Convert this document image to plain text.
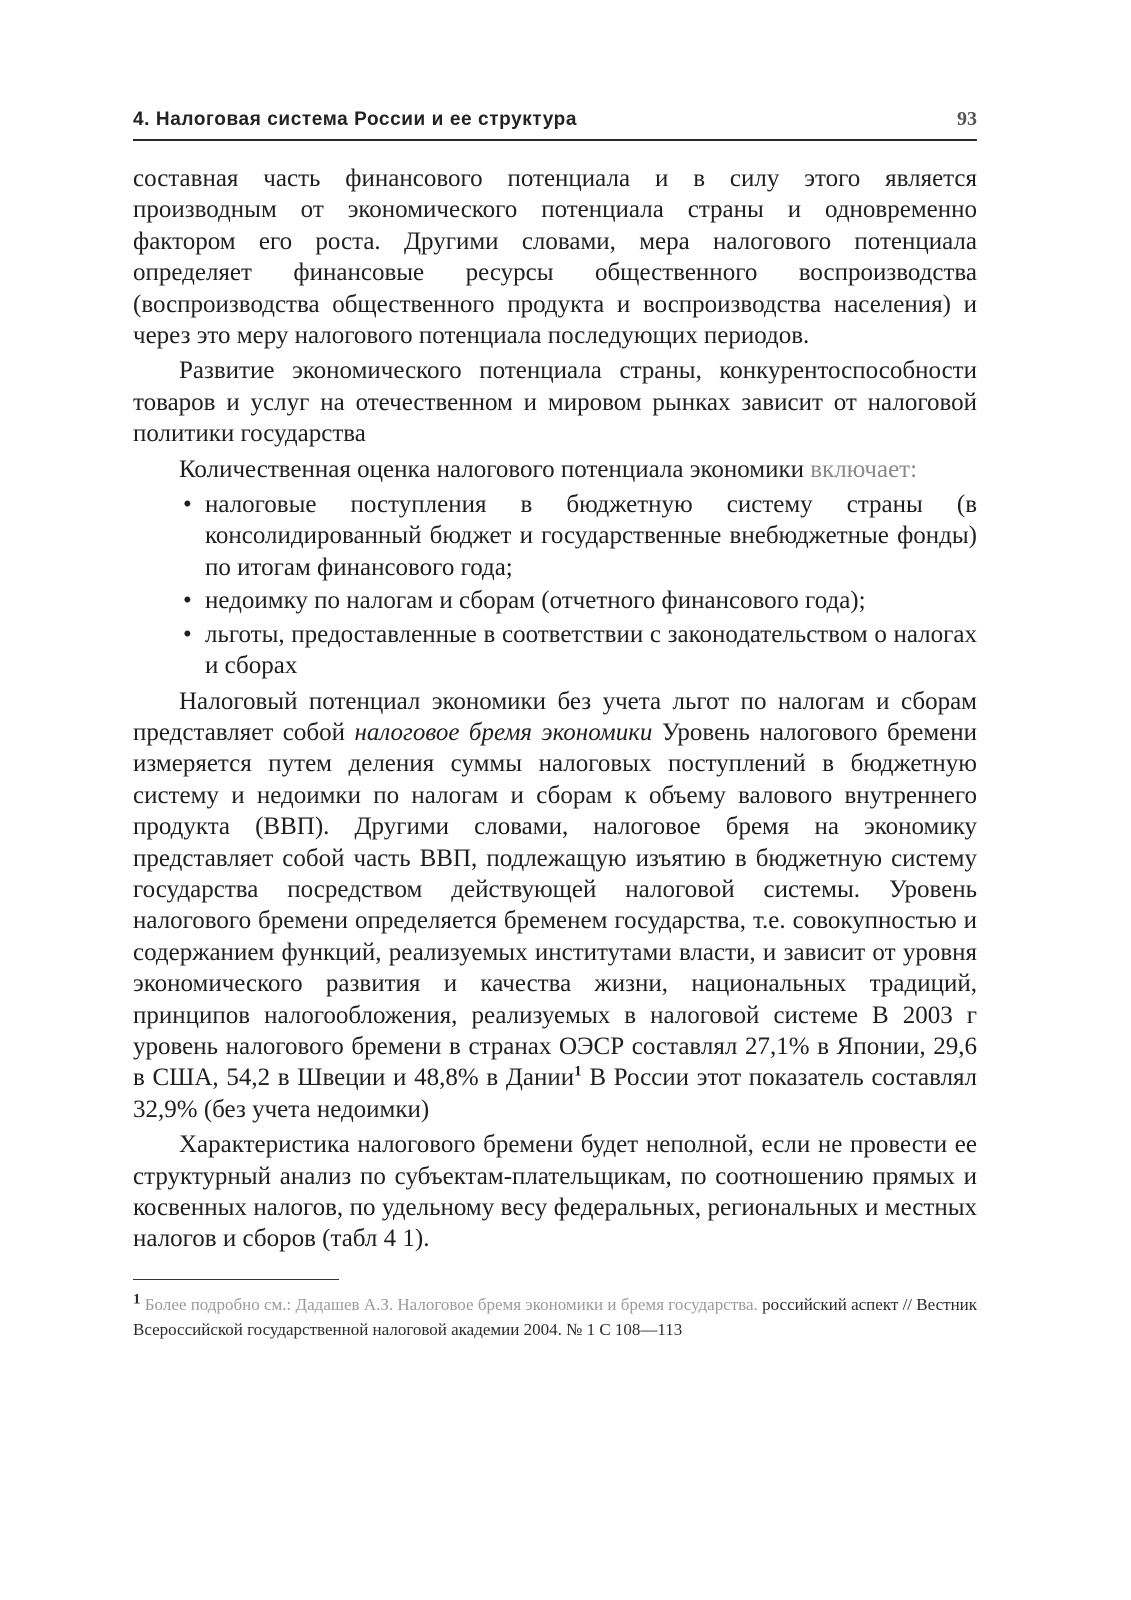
4. Налоговая система России и ее структура	93

составная часть финансового потенциала и в силу этого является производным от экономического потенциала страны и одновременно фактором его роста. Другими словами, мера налогового потенциала определяет финансовые ресурсы общественного воспроизводства (воспроизводства общественного продукта и воспроизводства населения) и через это меру налогового потенциала последующих периодов.

Развитие экономического потенциала страны, конкурентоспособности товаров и услуг на отечественном и мировом рынках зависит от налоговой политики государства

Количественная оценка налогового потенциала экономики включает:

• налоговые поступления в бюджетную систему страны (в консолидированный бюджет и государственные внебюджетные фонды) по итогам финансового года;
• недоимку по налогам и сборам (отчетного финансового года);
• льготы, предоставленные в соответствии с законодательством о налогах и сборах

Налоговый потенциал экономики без учета льгот по налогам и сборам представляет собой налоговое бремя экономики Уровень налогового бремени измеряется путем деления суммы налоговых поступлений в бюджетную систему и недоимки по налогам и сборам к объему валового внутреннего продукта (ВВП). Другими словами, налоговое бремя на экономику представляет собой часть ВВП, подлежащую изъятию в бюджетную систему государства посредством действующей налоговой системы. Уровень налогового бремени определяется бременем государства, т.е. совокупностью и содержанием функций, реализуемых институтами власти, и зависит от уровня экономического развития и качества жизни, национальных традиций, принципов налогообложения, реализуемых в налоговой системе В 2003 г уровень налогового бремени в странах ОЭСР составлял 27,1% в Японии, 29,6 в США, 54,2 в Швеции и 48,8% в Дании$^1$ В России этот показатель составлял 32,9% (без учета недоимки)

Характеристика налогового бремени будет неполной, если не провести ее структурный анализ по субъектам-плательщикам, по соотношению прямых и косвенных налогов, по удельному весу федеральных, региональных и местных налогов и сборов (табл 4 1).

$^1$ Более подробно см.: Дадашев А.З. Налоговое бремя экономики и бремя государства. российский аспект // Вестник Всероссийской государственной налоговой академии 2004. № 1 С 108—113
